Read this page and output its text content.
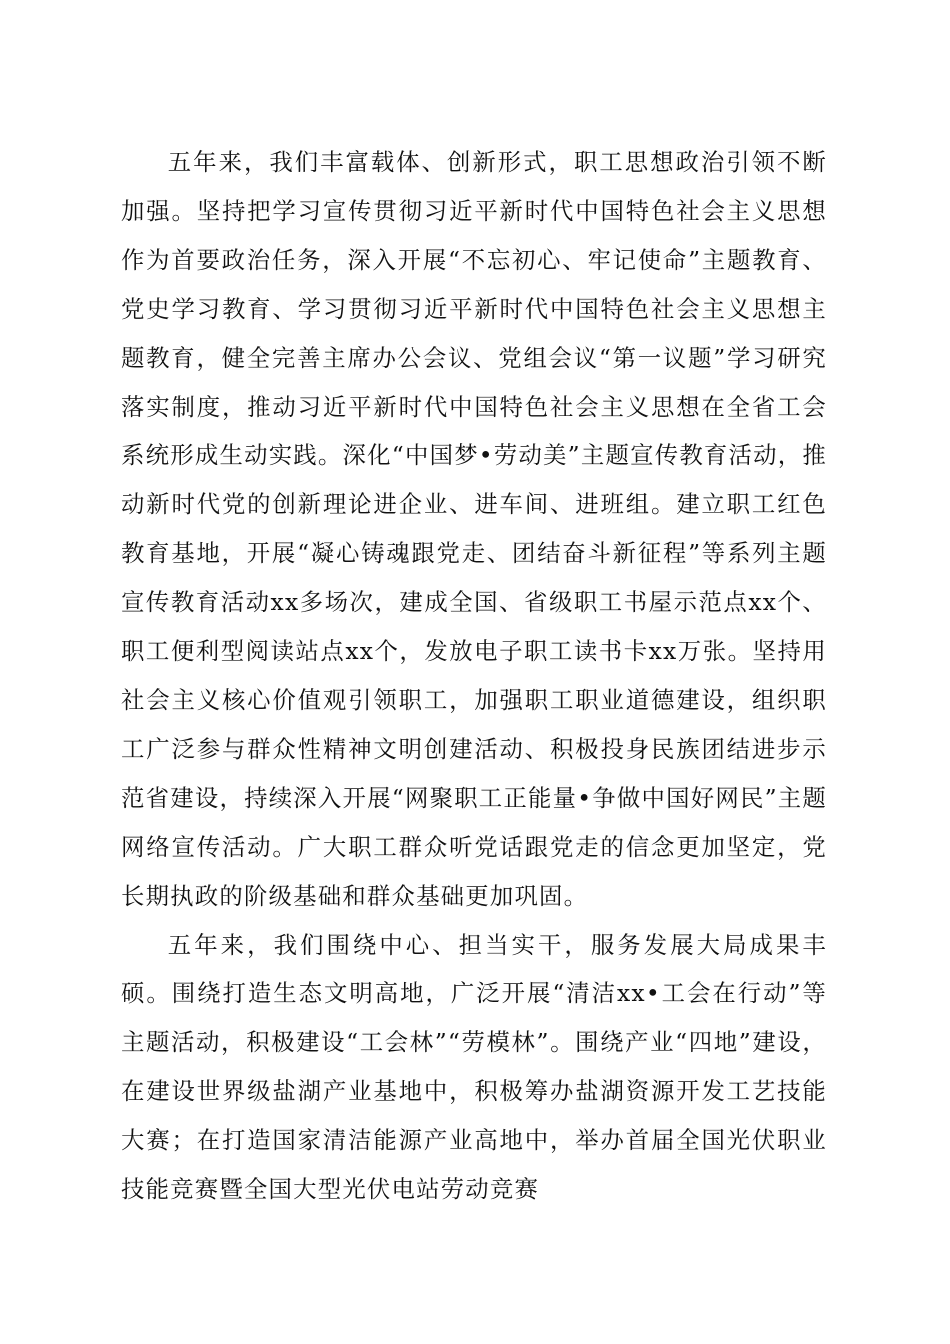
五年来，我们丰富载体、创新形式，职工思想政治引领不断加强。坚持把学习宣传贯彻习近平新时代中国特色社会主义思想作为首要政治任务，深入开展“不忘初心、牢记使命”主题教育、党史学习教育、学习贯彻习近平新时代中国特色社会主义思想主题教育，健全完善主席办公会议、党组会议“第一议题”学习研究落实制度，推动习近平新时代中国特色社会主义思想在全省工会系统形成生动实践。深化“中国梦•劳动美”主题宣传教育活动，推动新时代党的创新理论进企业、进车间、进班组。建立职工红色教育基地，开展“凝心铸魂跟党走、团结奋斗新征程”等系列主题宣传教育活动xx多场次，建成全国、省级职工书屋示范点xx个、职工便利型阅读站点xx个，发放电子职工读书卡xx万张。坚持用社会主义核心价值观引领职工，加强职工职业道德建设，组织职工广泛参与群众性精神文明创建活动、积极投身民族团结进步示范省建设，持续深入开展“网聚职工正能量•争做中国好网民”主题网络宣传活动。广大职工群众听党话跟党走的信念更加坚定，党长期执政的阶级基础和群众基础更加巩固。

五年来，我们围绕中心、担当实干，服务发展大局成果丰硕。围绕打造生态文明高地，广泛开展“清洁xx•工会在行动”等主题活动，积极建设“工会林”“劳模林”。围绕产业“四地”建设，在建设世界级盐湖产业基地中，积极筹办盐湖资源开发工艺技能大赛；在打造国家清洁能源产业高地中，举办首届全国光伏职业技能竞赛暨全国大型光伏电站劳动竞赛
